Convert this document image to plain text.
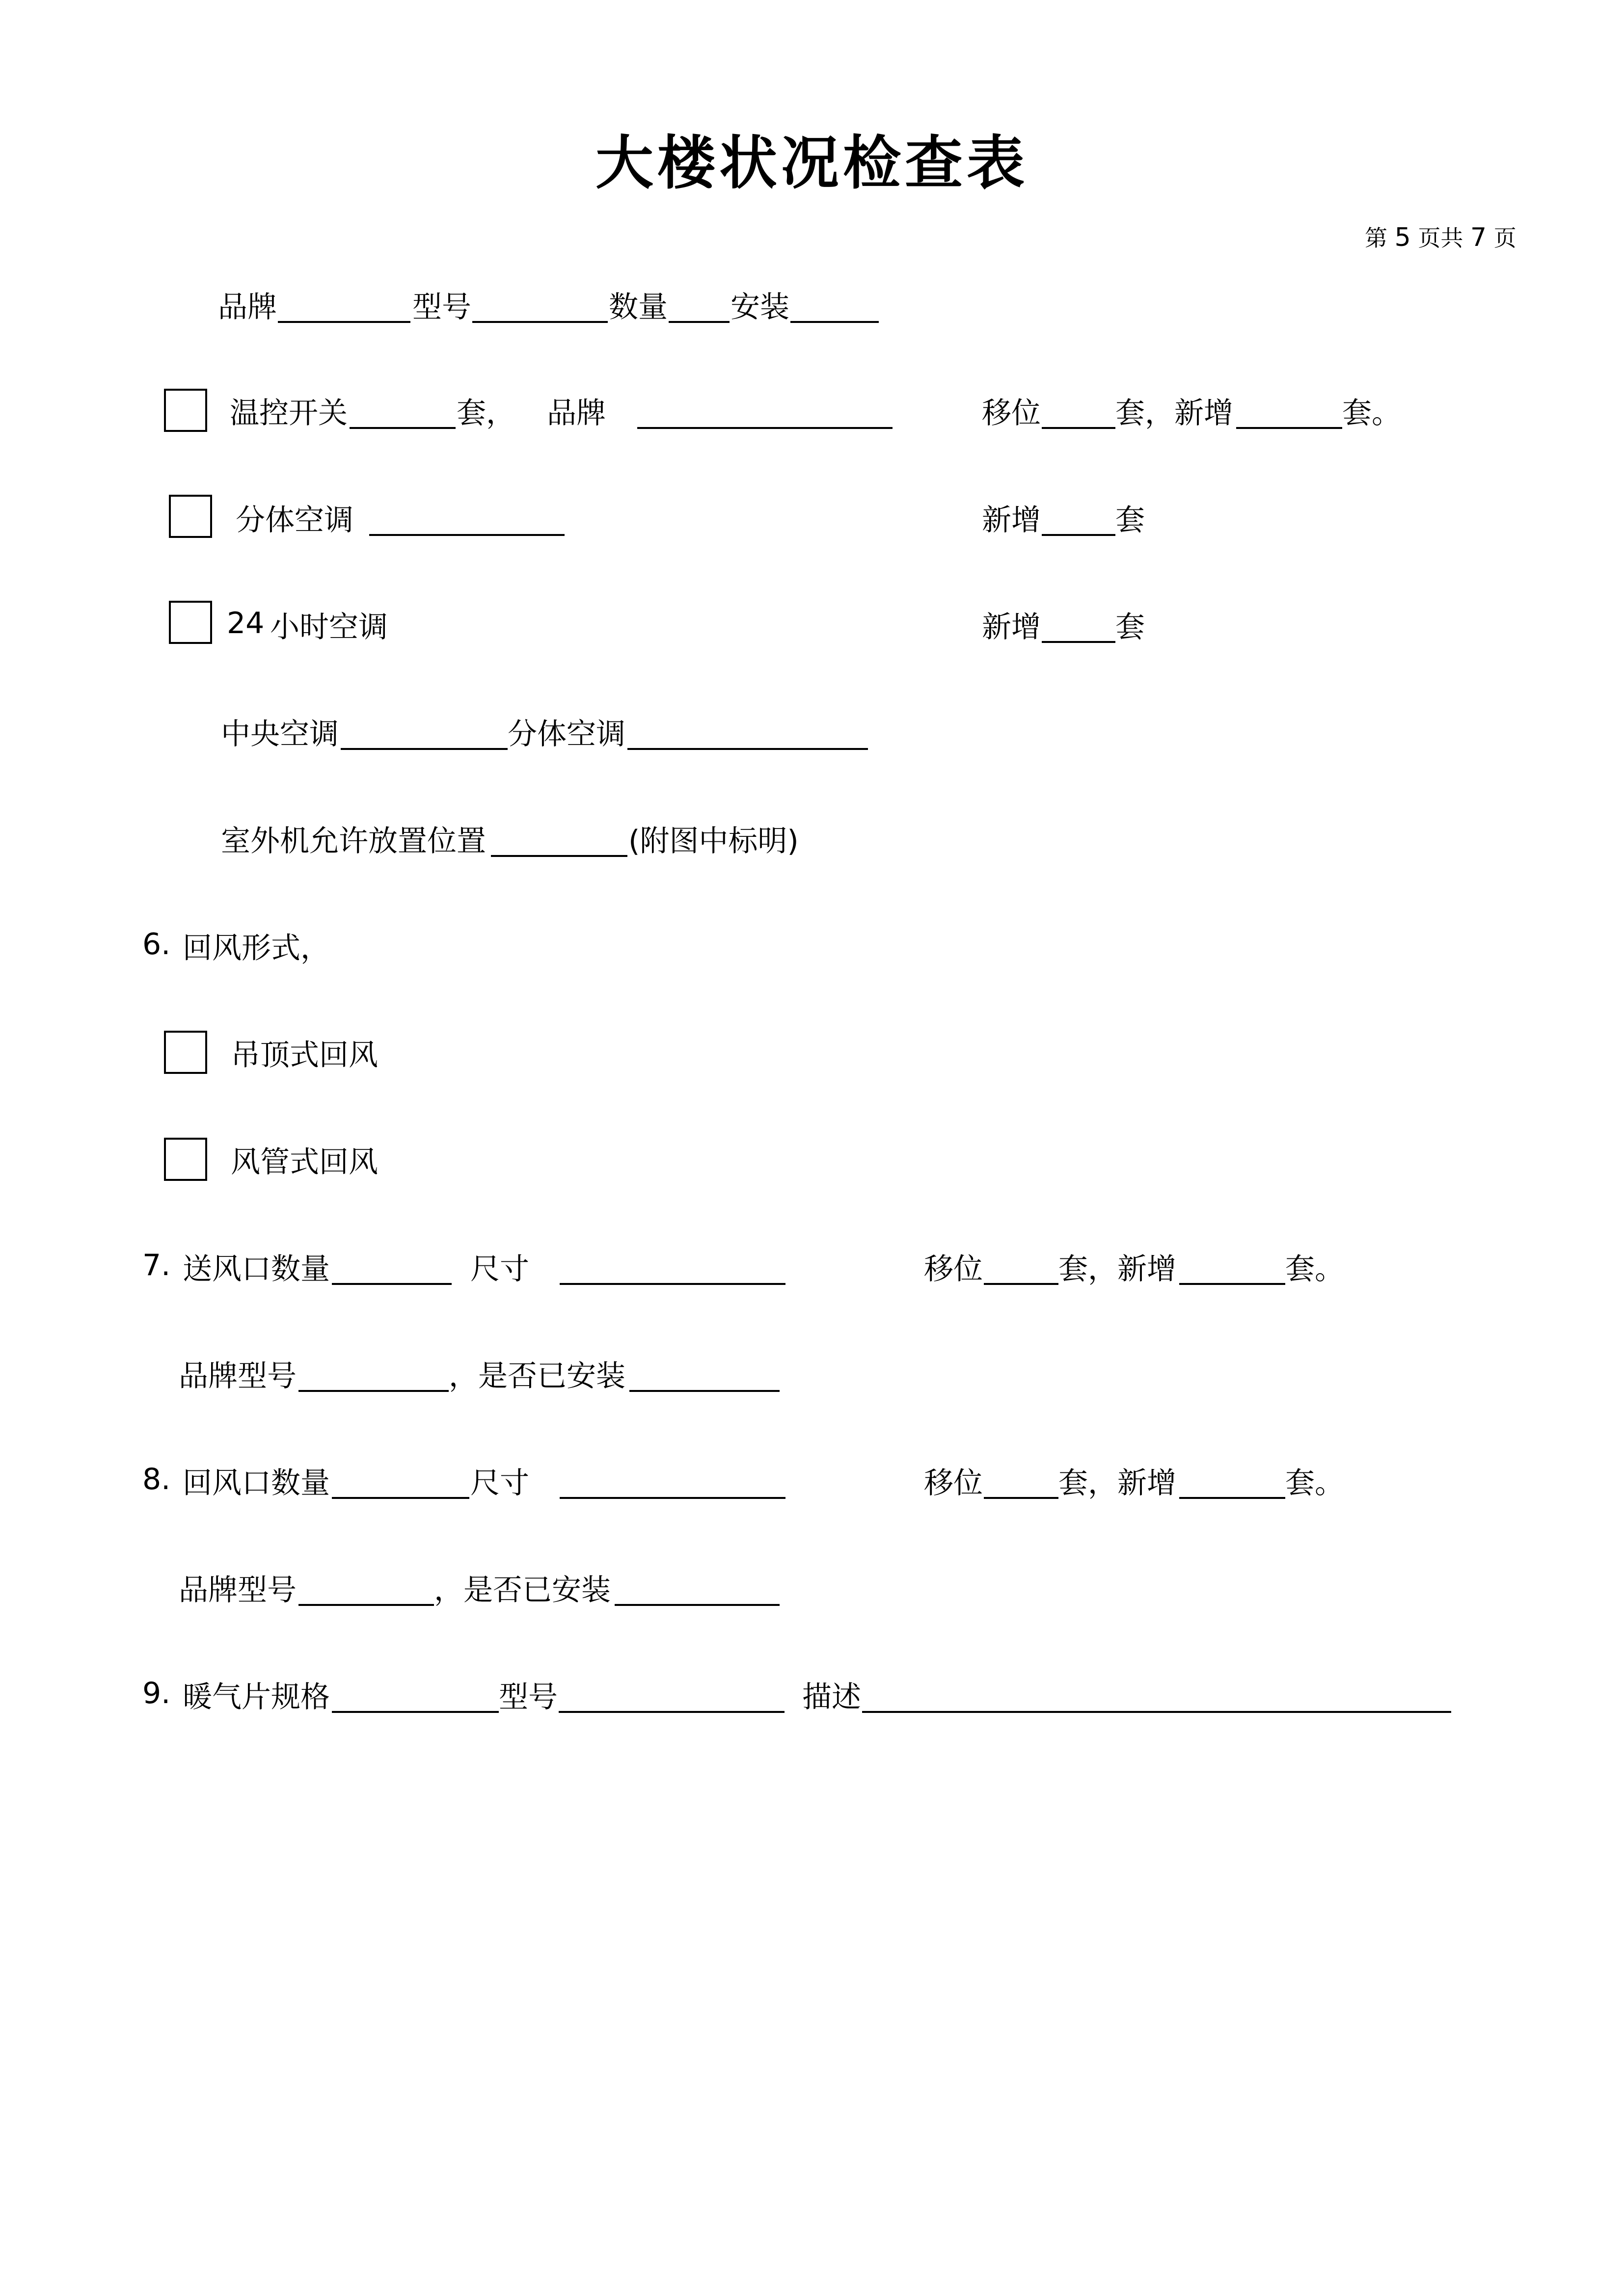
大楼状况检查表
第 5 页共 7 页
品牌	型号	数量 安装
温控开关	套， 品牌	移位	套，新增	套。
分体空调	新增	套
24 小时空调	新增	套
中央空调	分体空调
室外机允许放置位置	(附图中标明)
6. 回风形式，
吊顶式回风
风管式回风
7. 送风口数量	尺寸	移位	套，新增	套。
品牌型号	，是否已安装
8. 回风口数量	尺寸	移位	套，新增	套。
品牌型号	，是否已安装
9. 暖气片规格	型号	描述
